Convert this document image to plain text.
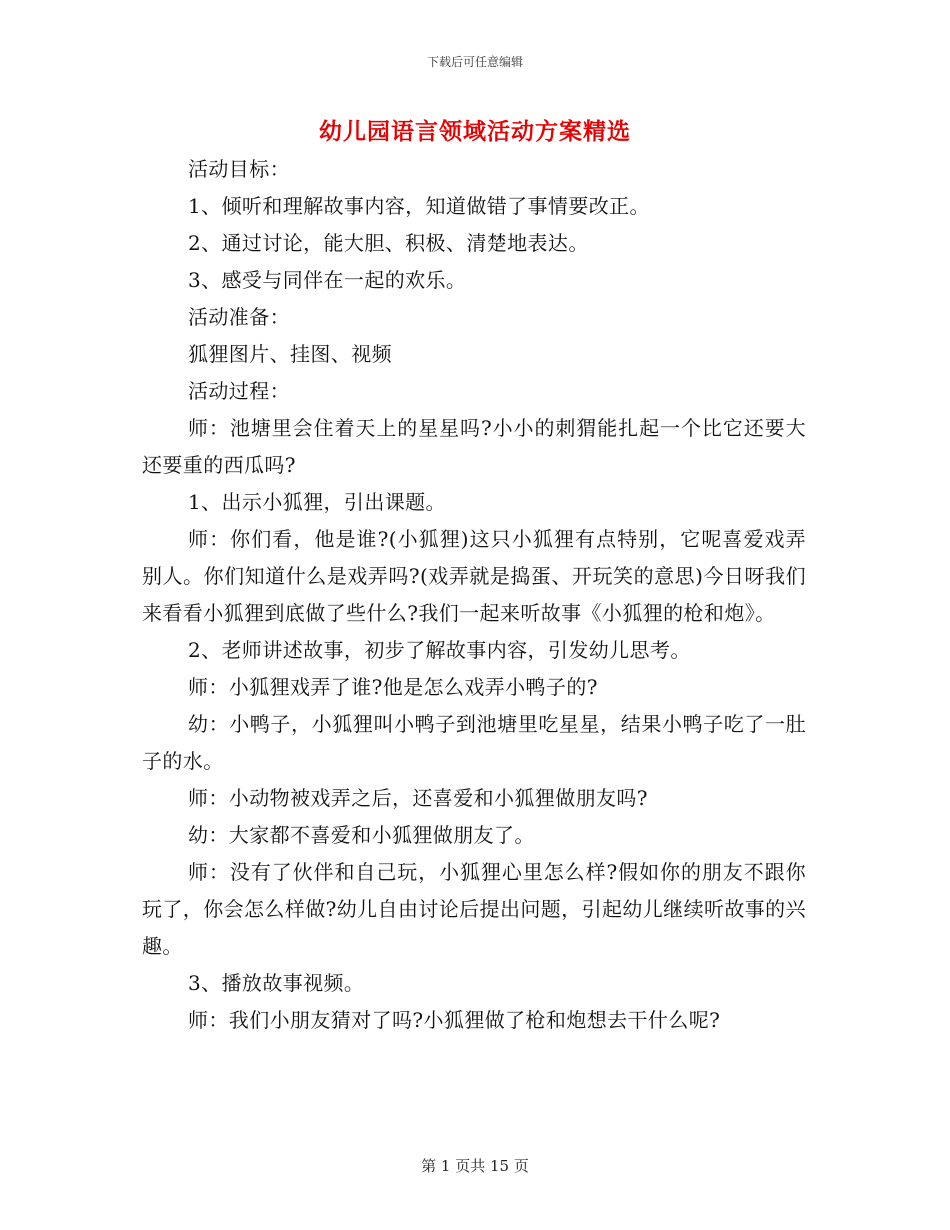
下载后可任意编辑
幼儿园语言领域活动方案精选

活动目标：

1、倾听和理解故事内容，知道做错了事情要改正。

2、通过讨论，能大胆、积极、清楚地表达。

3、感受与同伴在一起的欢乐。

活动准备：

狐狸图片、挂图、视频

活动过程：

师：池塘里会住着天上的星星吗?小小的刺猬能扎起一个比它还要大还要重的西瓜吗?

1、出示小狐狸，引出课题。

师：你们看，他是谁?(小狐狸)这只小狐狸有点特别，它呢喜爱戏弄别人。你们知道什么是戏弄吗?(戏弄就是捣蛋、开玩笑的意思)今日呀我们来看看小狐狸到底做了些什么?我们一起来听故事《小狐狸的枪和炮》。

2、老师讲述故事，初步了解故事内容，引发幼儿思考。

师：小狐狸戏弄了谁?他是怎么戏弄小鸭子的?

幼：小鸭子，小狐狸叫小鸭子到池塘里吃星星，结果小鸭子吃了一肚子的水。

师：小动物被戏弄之后，还喜爱和小狐狸做朋友吗?

幼：大家都不喜爱和小狐狸做朋友了。

师：没有了伙伴和自己玩，小狐狸心里怎么样?假如你的朋友不跟你玩了，你会怎么样做?幼儿自由讨论后提出问题，引起幼儿继续听故事的兴趣。

3、播放故事视频。

师：我们小朋友猜对了吗?小狐狸做了枪和炮想去干什么呢?

第 1 页共 15 页
